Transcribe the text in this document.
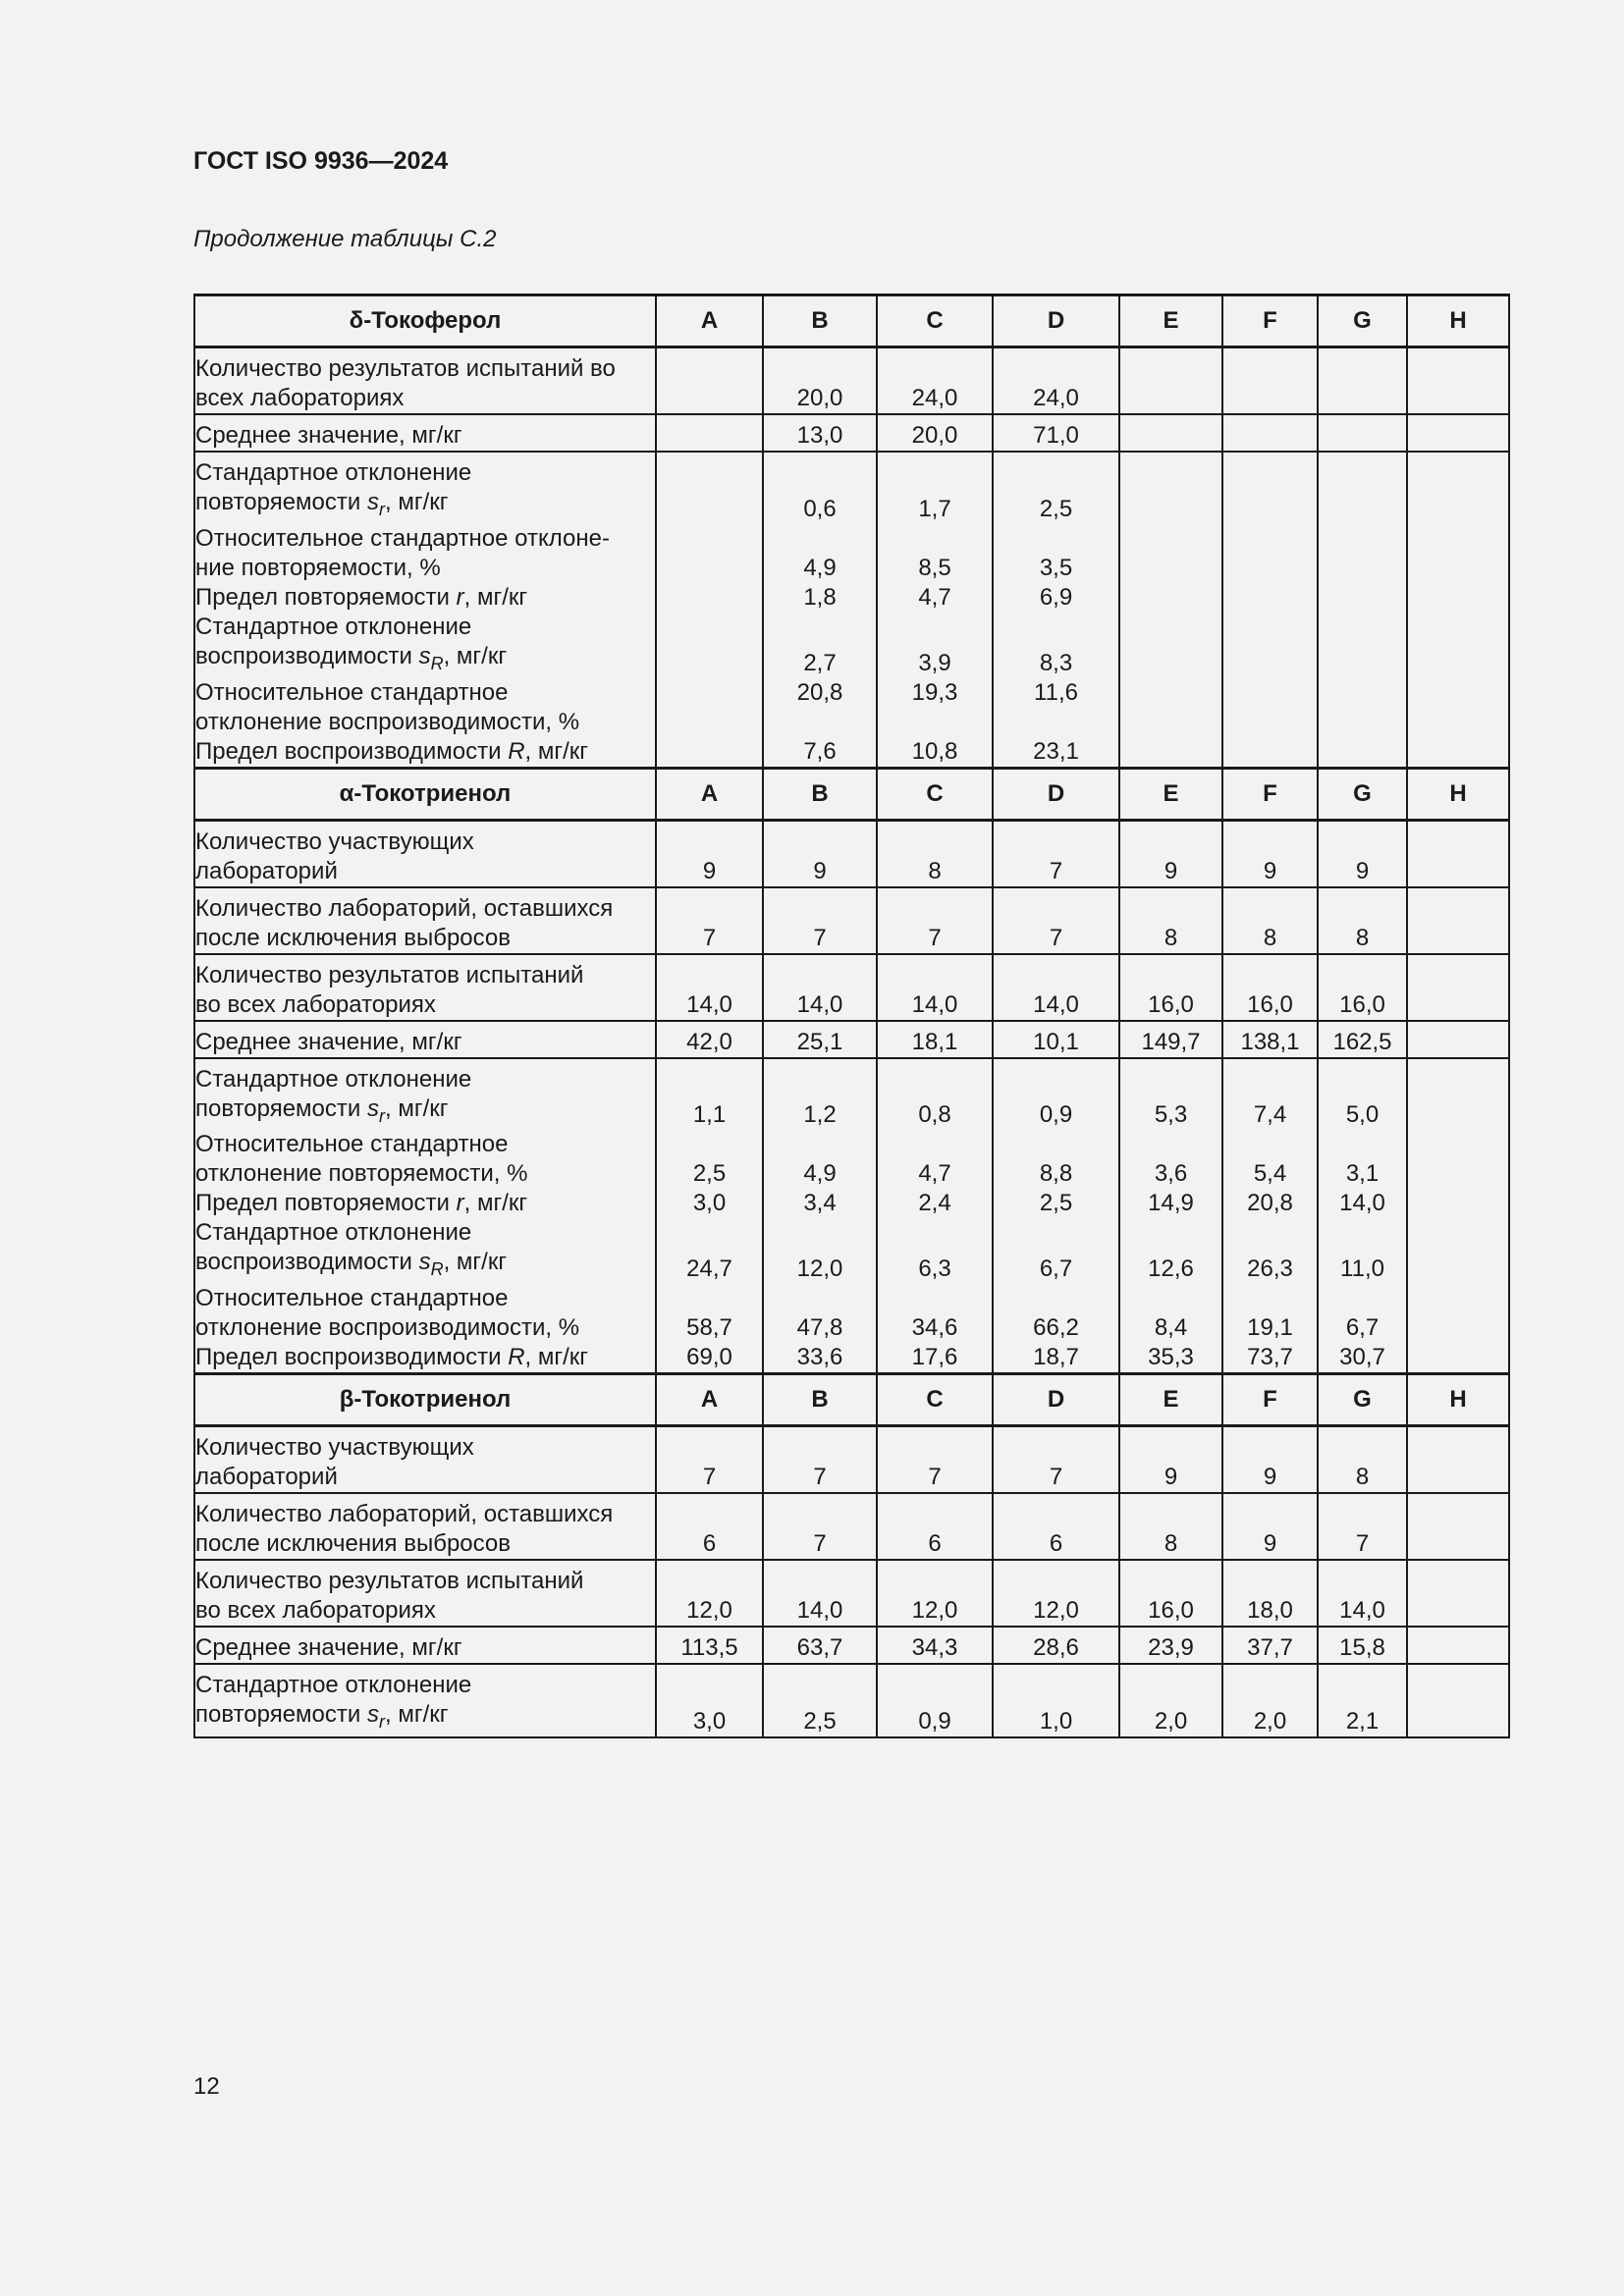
ГОСТ ISO 9936—2024
Продолжение таблицы С.2
δ-Токоферол	A	B	C	D	E	F	G	H
Количество результатов испытаний во
всех лабораториях		20,0	24,0	24,0				
Среднее значение, мг/кг		13,0	20,0	71,0				
Стандартное отклонение
повторяемости $s_r$, мг/кг		0,6	1,7	2,5				
Относительное стандартное отклоне-
ние повторяемости, %		4,9	8,5	3,5				
Предел повторяемости r, мг/кг		1,8	4,7	6,9				
Стандартное отклонение
воспроизводимости $s_R$, мг/кг		2,7	3,9	8,3				
Относительное стандартное
отклонение воспроизводимости, %		20,8	19,3	11,6				
Предел воспроизводимости R, мг/кг		7,6	10,8	23,1				
α-Токотриенол	A	B	C	D	E	F	G	H
Количество участвующих
лабораторий	9	9	8	7	9	9	9	
Количество лабораторий, оставшихся
после исключения выбросов	7	7	7	7	8	8	8	
Количество результатов испытаний
во всех лабораториях	14,0	14,0	14,0	14,0	16,0	16,0	16,0	
Среднее значение, мг/кг	42,0	25,1	18,1	10,1	149,7	138,1	162,5	
Стандартное отклонение
повторяемости $s_r$, мг/кг	1,1	1,2	0,8	0,9	5,3	7,4	5,0	
Относительное стандартное
отклонение повторяемости, %	2,5	4,9	4,7	8,8	3,6	5,4	3,1	
Предел повторяемости r, мг/кг	3,0	3,4	2,4	2,5	14,9	20,8	14,0	
Стандартное отклонение
воспроизводимости $s_R$, мг/кг	24,7	12,0	6,3	6,7	12,6	26,3	11,0	
Относительное стандартное
отклонение воспроизводимости, %	58,7	47,8	34,6	66,2	8,4	19,1	6,7	
Предел воспроизводимости R, мг/кг	69,0	33,6	17,6	18,7	35,3	73,7	30,7	
β-Токотриенол	A	B	C	D	E	F	G	H
Количество участвующих
лабораторий	7	7	7	7	9	9	8	
Количество лабораторий, оставшихся
после исключения выбросов	6	7	6	6	8	9	7	
Количество результатов испытаний
во всех лабораториях	12,0	14,0	12,0	12,0	16,0	18,0	14,0	
Среднее значение, мг/кг	113,5	63,7	34,3	28,6	23,9	37,7	15,8	
Стандартное отклонение
повторяемости $s_r$, мг/кг	3,0	2,5	0,9	1,0	2,0	2,0	2,1	
12
